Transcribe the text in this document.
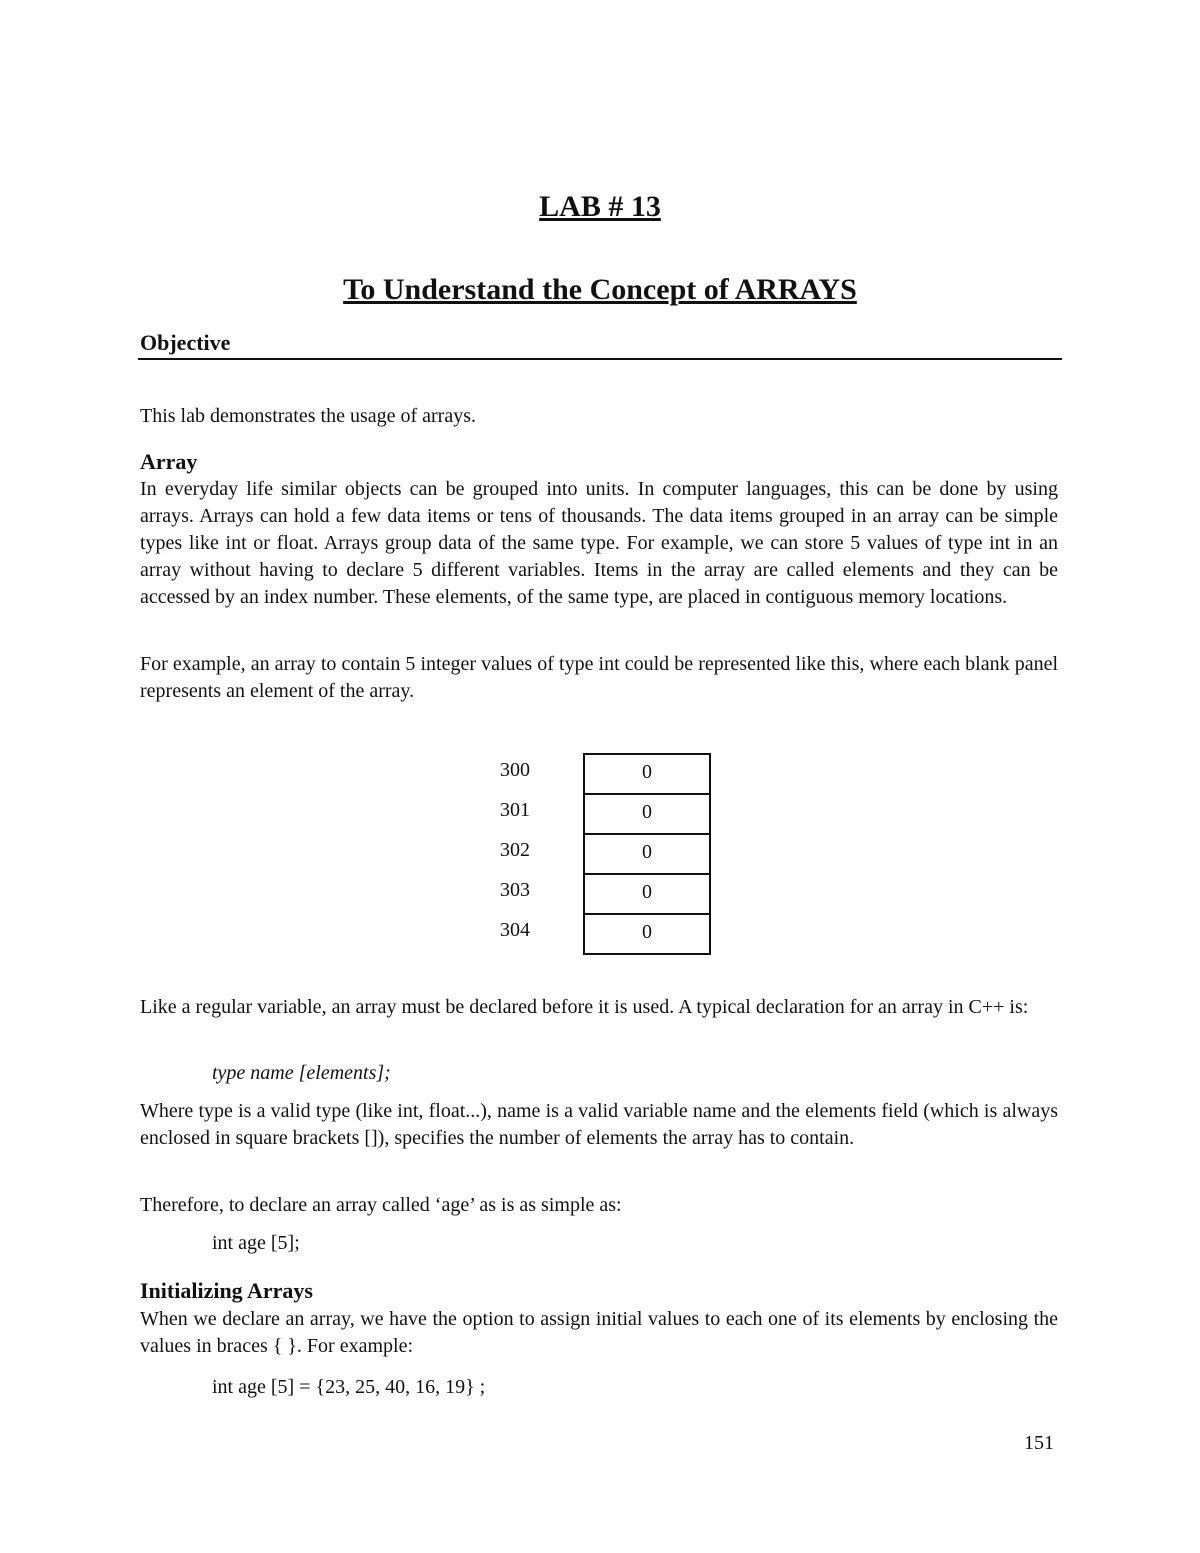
LAB # 13
To Understand the Concept of ARRAYS
Objective
This lab demonstrates the usage of arrays.
Array
In everyday life similar objects can be grouped into units. In computer languages, this can be done by using arrays. Arrays can hold a few data items or tens of thousands. The data items grouped in an array can be simple types like int or float. Arrays group data of the same type. For example, we can store 5 values of type int in an array without having to declare 5 different variables. Items in the array are called elements and they can be accessed by an index number. These elements, of the same type, are placed in contiguous memory locations.
For example, an array to contain 5 integer values of type int could be represented like this, where each blank panel represents an element of the array.
300	0
301	0
302	0
303	0
304	0
Like a regular variable, an array must be declared before it is used. A typical declaration for an array in C++ is:
type name [elements];
Where type is a valid type (like int, float...), name is a valid variable name and the elements field (which is always enclosed in square brackets []), specifies the number of elements the array has to contain.
Therefore, to declare an array called ‘age’ as is as simple as:
int age [5];
Initializing Arrays
When we declare an array, we have the option to assign initial values to each one of its elements by enclosing the values in braces { }. For example:
int age [5] = {23, 25, 40, 16, 19} ;
151
